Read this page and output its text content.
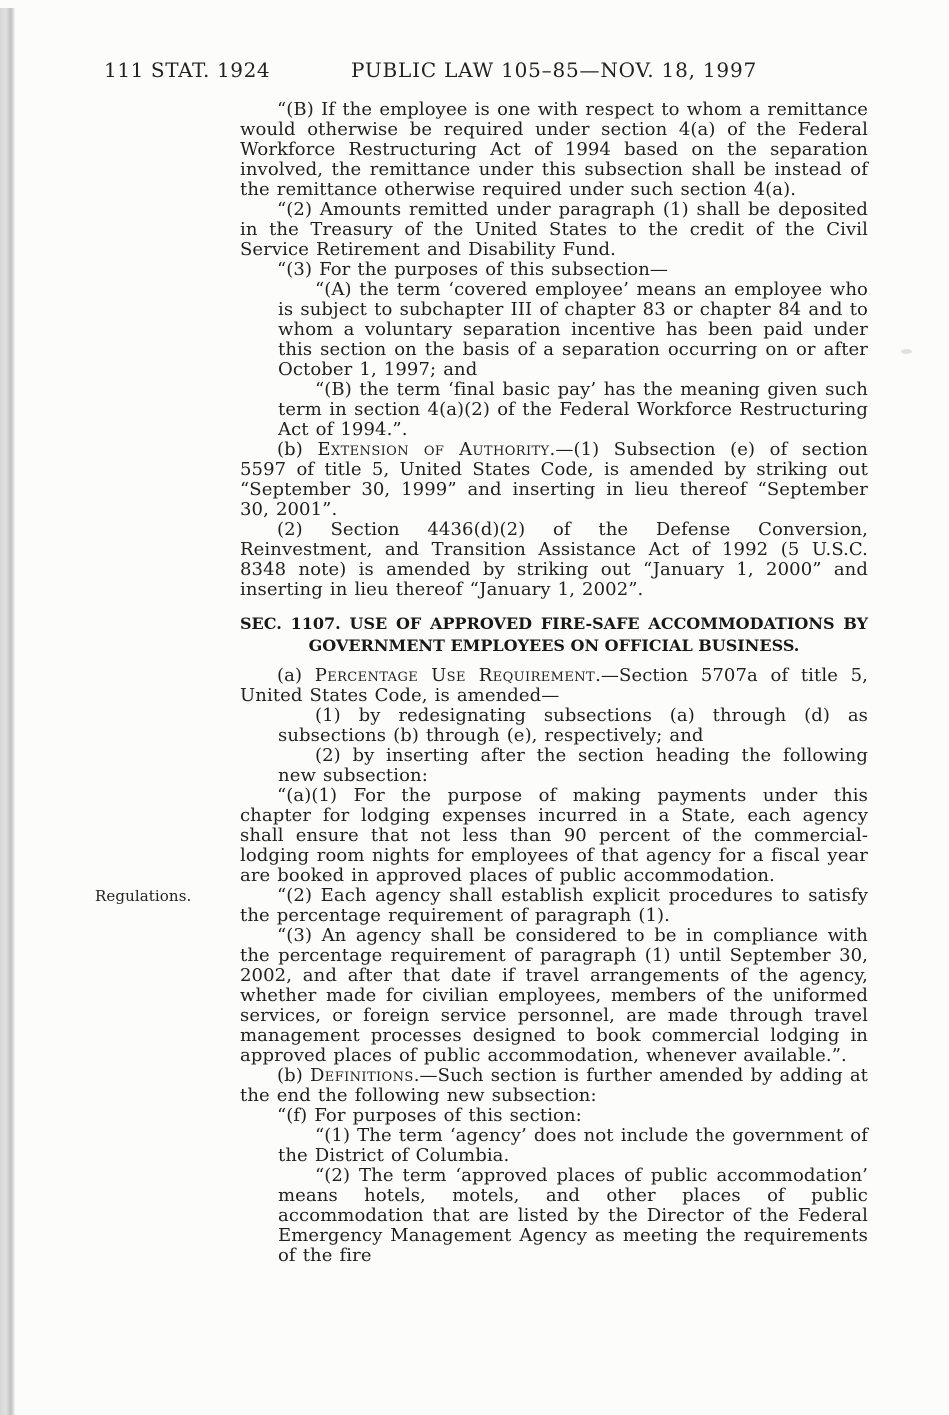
111 STAT. 1924	PUBLIC LAW 105–85—NOV. 18, 1997

“(B) If the employee is one with respect to whom a remittance would otherwise be required under section 4(a) of the Federal Workforce Restructuring Act of 1994 based on the separation involved, the remittance under this subsection shall be instead of the remittance otherwise required under such section 4(a).

“(2) Amounts remitted under paragraph (1) shall be deposited in the Treasury of the United States to the credit of the Civil Service Retirement and Disability Fund.

“(3) For the purposes of this subsection—

“(A) the term ‘covered employee’ means an employee who is subject to subchapter III of chapter 83 or chapter 84 and to whom a voluntary separation incentive has been paid under this section on the basis of a separation occurring on or after October 1, 1997; and

“(B) the term ‘final basic pay’ has the meaning given such term in section 4(a)(2) of the Federal Workforce Restructuring Act of 1994.”.

(b) Extension of Authority.—(1) Subsection (e) of section 5597 of title 5, United States Code, is amended by striking out “September 30, 1999” and inserting in lieu thereof “September 30, 2001”.

(2) Section 4436(d)(2) of the Defense Conversion, Reinvestment, and Transition Assistance Act of 1992 (5 U.S.C. 8348 note) is amended by striking out “January 1, 2000” and inserting in lieu thereof “January 1, 2002”.

SEC. 1107. USE OF APPROVED FIRE-SAFE ACCOMMODATIONS BY
GOVERNMENT EMPLOYEES ON OFFICIAL BUSINESS.

(a) Percentage Use Requirement.—Section 5707a of title 5, United States Code, is amended—

(1) by redesignating subsections (a) through (d) as subsections (b) through (e), respectively; and

(2) by inserting after the section heading the following new subsection:

“(a)(1) For the purpose of making payments under this chapter for lodging expenses incurred in a State, each agency shall ensure that not less than 90 percent of the commercial-lodging room nights for employees of that agency for a fiscal year are booked in approved places of public accommodation.

Regulations.	“(2) Each agency shall establish explicit procedures to satisfy the percentage requirement of paragraph (1).

“(3) An agency shall be considered to be in compliance with the percentage requirement of paragraph (1) until September 30, 2002, and after that date if travel arrangements of the agency, whether made for civilian employees, members of the uniformed services, or foreign service personnel, are made through travel management processes designed to book commercial lodging in approved places of public accommodation, whenever available.”.

(b) Definitions.—Such section is further amended by adding at the end the following new subsection:

“(f) For purposes of this section:

“(1) The term ‘agency’ does not include the government of the District of Columbia.

“(2) The term ‘approved places of public accommodation’ means hotels, motels, and other places of public accommodation that are listed by the Director of the Federal Emergency Management Agency as meeting the requirements of the fire
